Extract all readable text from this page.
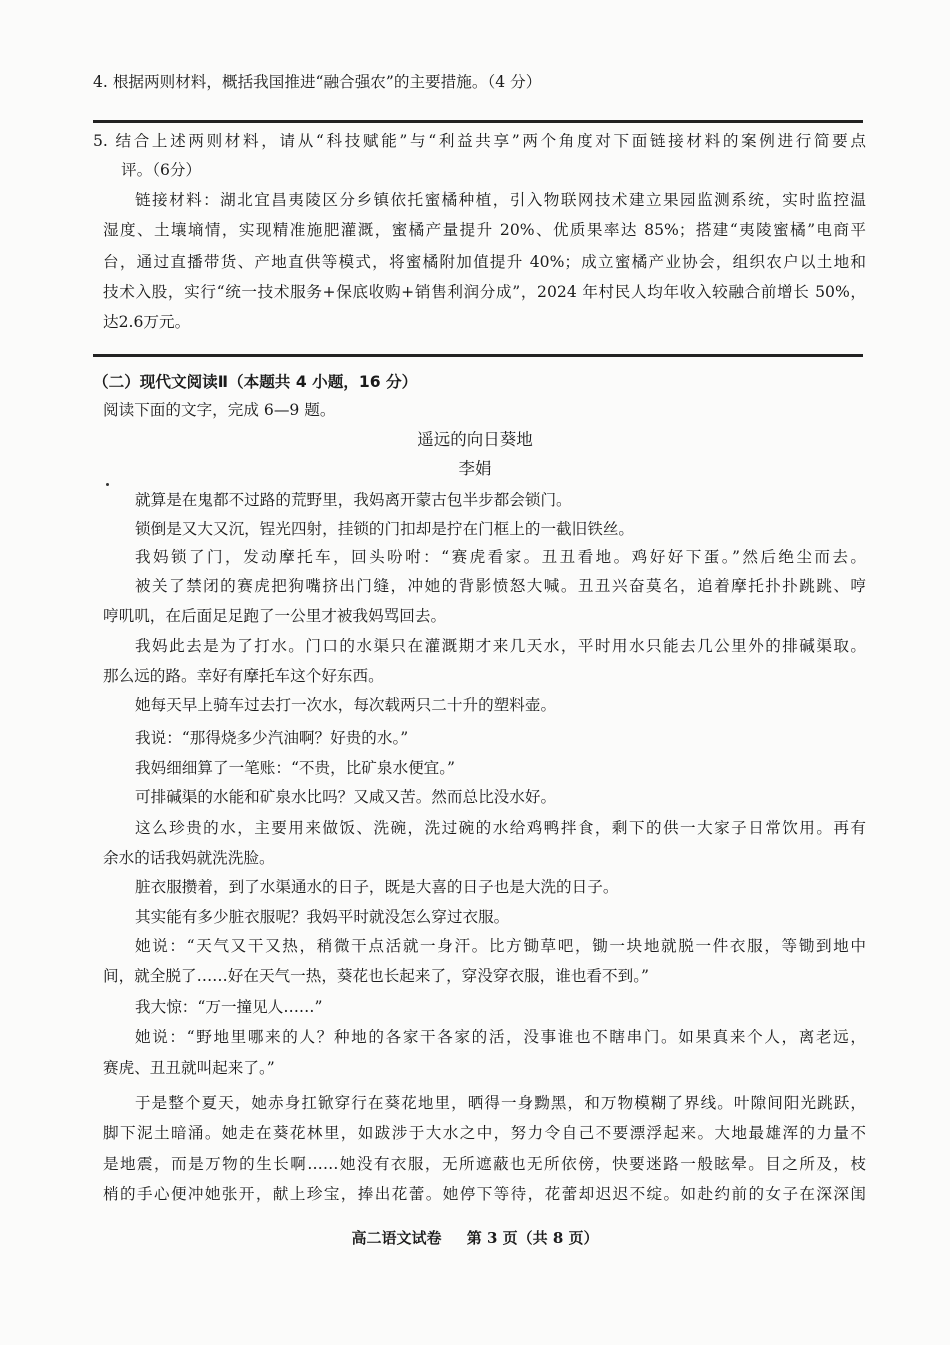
4. 根据两则材料，概括我国推进“融合强农”的主要措施。（4 分）
5. 结合上述两则材料，请从“科技赋能”与“利益共享”两个角度对下面链接材料的案例进行简要点
评。（6分）
链接材料：湖北宜昌夷陵区分乡镇依托蜜橘种植，引入物联网技术建立果园监测系统，实时监控温
湿度、土壤墒情，实现精准施肥灌溉，蜜橘产量提升 20%、优质果率达 85%；搭建“夷陵蜜橘”电商平
台，通过直播带货、产地直供等模式，将蜜橘附加值提升 40%；成立蜜橘产业协会，组织农户以土地和
技术入股，实行“统一技术服务+保底收购+销售利润分成”，2024 年村民人均年收入较融合前增长 50%，
达2.6万元。
（二）现代文阅读Ⅱ（本题共 4 小题，16 分）
阅读下面的文字，完成 6—9 题。
遥远的向日葵地
李娟
就算是在鬼都不过路的荒野里，我妈离开蒙古包半步都会锁门。
锁倒是又大又沉，锃光四射，挂锁的门扣却是拧在门框上的一截旧铁丝。
我妈锁了门，发动摩托车，回头吩咐：“赛虎看家。丑丑看地。鸡好好下蛋。”然后绝尘而去。
被关了禁闭的赛虎把狗嘴挤出门缝，冲她的背影愤怒大喊。丑丑兴奋莫名，追着摩托扑扑跳跳、哼
哼叽叽，在后面足足跑了一公里才被我妈骂回去。
我妈此去是为了打水。门口的水渠只在灌溉期才来几天水，平时用水只能去几公里外的排碱渠取。
那么远的路。幸好有摩托车这个好东西。
她每天早上骑车过去打一次水，每次载两只二十升的塑料壶。
我说：“那得烧多少汽油啊？好贵的水。”
我妈细细算了一笔账：“不贵，比矿泉水便宜。”
可排碱渠的水能和矿泉水比吗？又咸又苦。然而总比没水好。
这么珍贵的水，主要用来做饭、洗碗，洗过碗的水给鸡鸭拌食，剩下的供一大家子日常饮用。再有
余水的话我妈就洗洗脸。
脏衣服攒着，到了水渠通水的日子，既是大喜的日子也是大洗的日子。
其实能有多少脏衣服呢？我妈平时就没怎么穿过衣服。
她说：“天气又干又热，稍微干点活就一身汗。比方锄草吧，锄一块地就脱一件衣服，等锄到地中
间，就全脱了……好在天气一热，葵花也长起来了，穿没穿衣服，谁也看不到。”
我大惊：“万一撞见人……”
她说：“野地里哪来的人？种地的各家干各家的活，没事谁也不瞎串门。如果真来个人，离老远，
赛虎、丑丑就叫起来了。”
于是整个夏天，她赤身扛锨穿行在葵花地里，晒得一身黝黑，和万物模糊了界线。叶隙间阳光跳跃，
脚下泥土暗涌。她走在葵花林里，如跋涉于大水之中，努力令自己不要漂浮起来。大地最雄浑的力量不
是地震，而是万物的生长啊……她没有衣服，无所遮蔽也无所依傍，快要迷路一般眩晕。目之所及，枝
梢的手心便冲她张开，献上珍宝，捧出花蕾。她停下等待，花蕾却迟迟不绽。如赴约前的女子在深深闺
高二语文试卷 第 3 页（共 8 页）
